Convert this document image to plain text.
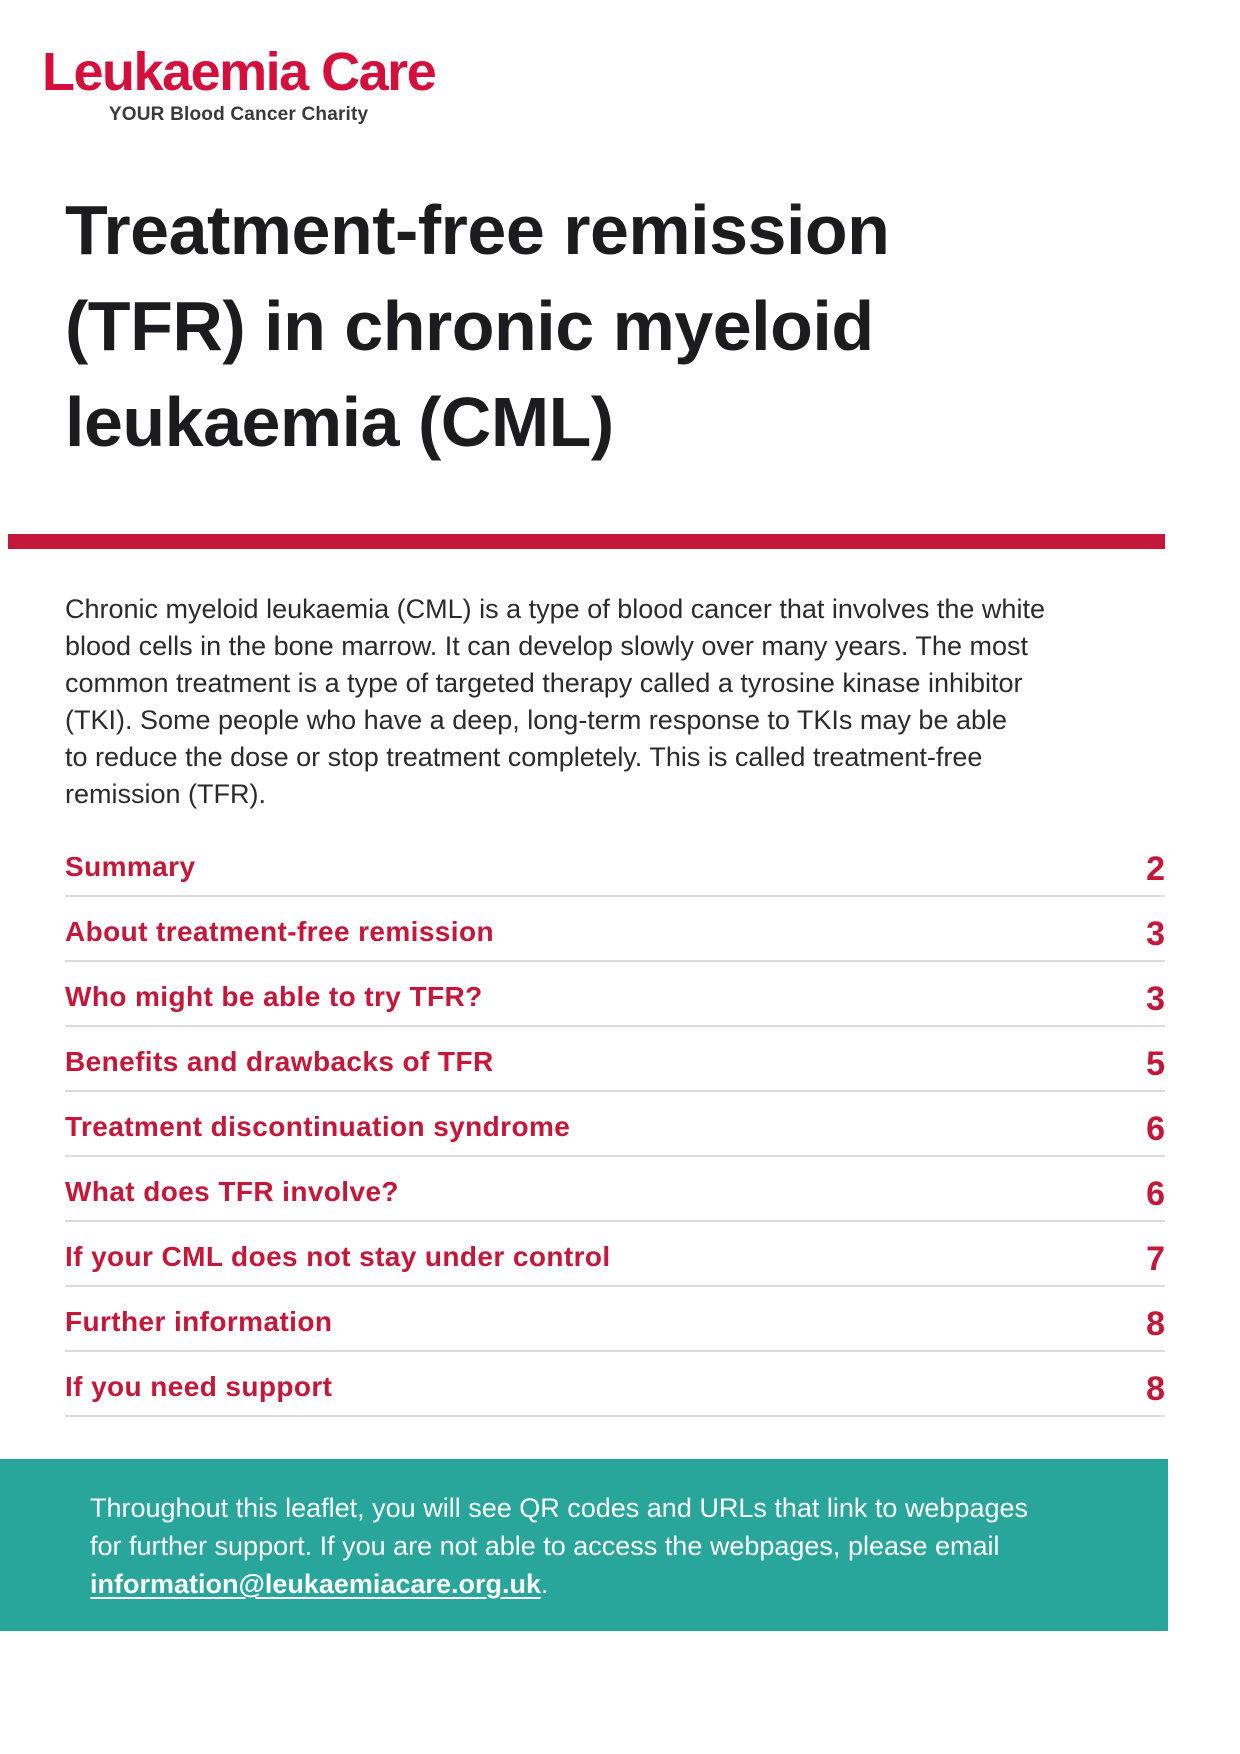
Leukaemia Care
YOUR Blood Cancer Charity
Treatment-free remission
(TFR) in chronic myeloid
leukaemia (CML)

Chronic myeloid leukaemia (CML) is a type of blood cancer that involves the white
blood cells in the bone marrow. It can develop slowly over many years. The most
common treatment is a type of targeted therapy called a tyrosine kinase inhibitor
(TKI). Some people who have a deep, long-term response to TKIs may be able
to reduce the dose or stop treatment completely. This is called treatment-free
remission (TFR).

Summary	2
About treatment-free remission	3
Who might be able to try TFR?	3
Benefits and drawbacks of TFR	5
Treatment discontinuation syndrome	6
What does TFR involve?	6
If your CML does not stay under control	7
Further information	8
If you need support	8
Throughout this leaflet, you will see QR codes and URLs that link to webpages
for further support. If you are not able to access the webpages, please email
information@leukaemiacare.org.uk.
